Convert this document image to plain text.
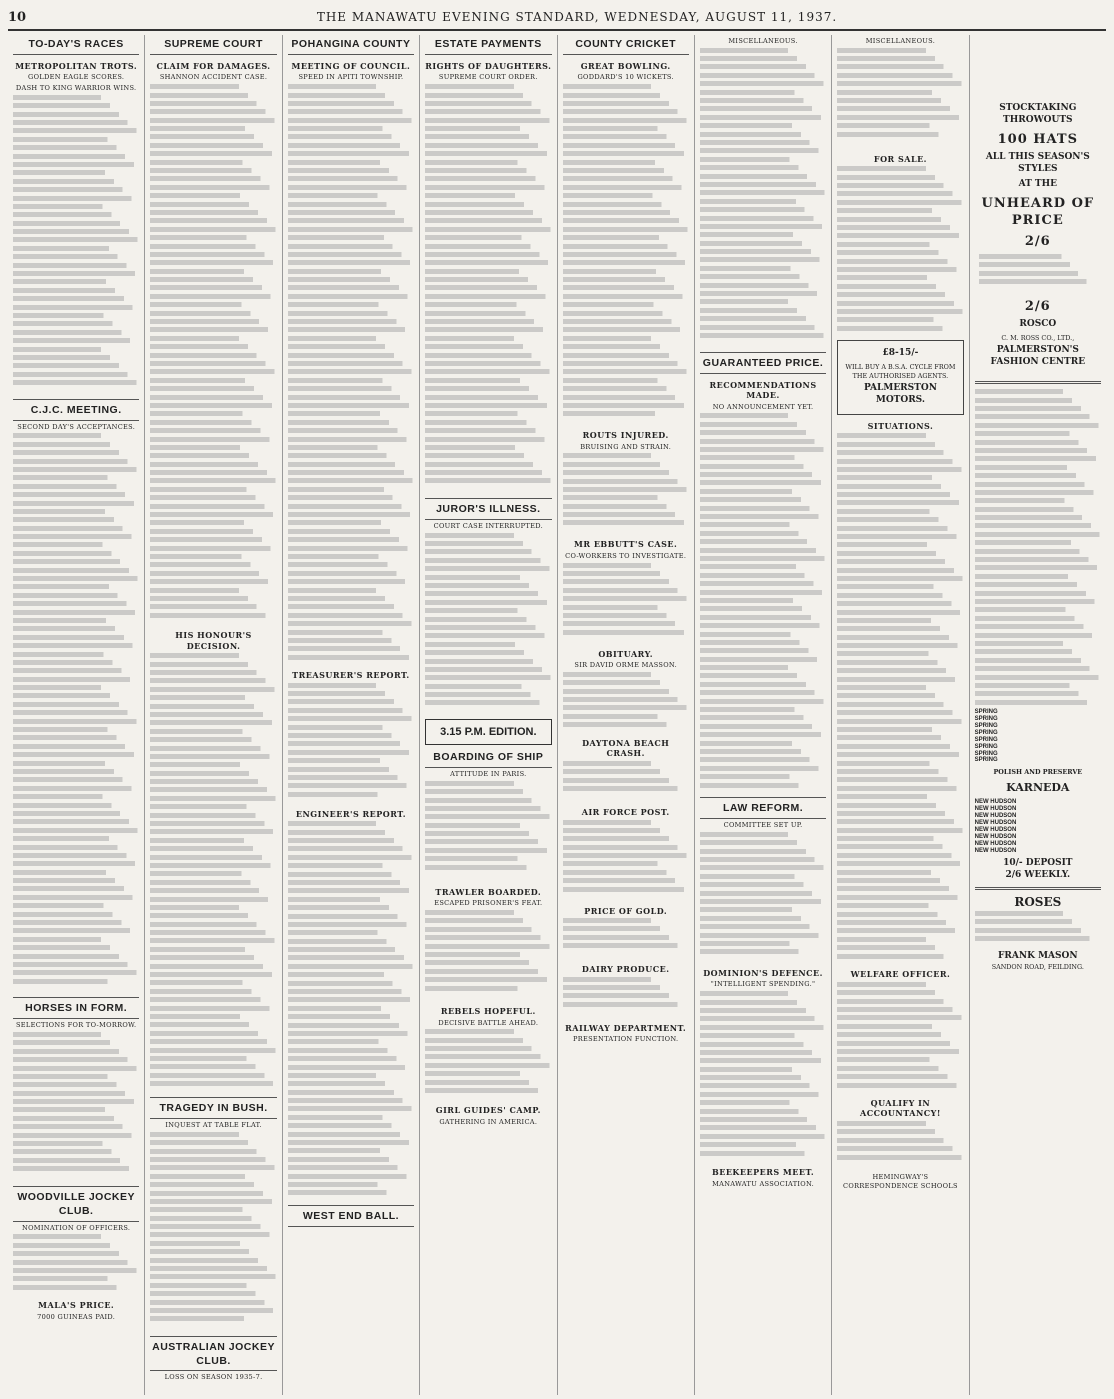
10	THE MANAWATU EVENING STANDARD, WEDNESDAY, AUGUST 11, 1937.
TO-DAY'S RACES
METROPOLITAN TROTS.
GOLDEN EAGLE SCORES.
DASH TO KING WARRIOR WINS.
C.J.C. MEETING.
SECOND DAY'S ACCEPTANCES.
HORSES IN FORM.
SELECTIONS FOR TO-MORROW.
WOODVILLE JOCKEY CLUB.
NOMINATION OF OFFICERS.
MALA'S PRICE.
7000 GUINEAS PAID.
SUPREME COURT
CLAIM FOR DAMAGES.
SHANNON ACCIDENT CASE.
HIS HONOUR'S DECISION.
TRAGEDY IN BUSH.
INQUEST AT TABLE FLAT.
AUSTRALIAN JOCKEY CLUB.
LOSS ON SEASON 1935-7.
POHANGINA COUNTY
MEETING OF COUNCIL.
SPEED IN APITI TOWNSHIP.
TREASURER'S REPORT.
ENGINEER'S REPORT.
WEST END BALL.
ESTATE PAYMENTS
RIGHTS OF DAUGHTERS.
SUPREME COURT ORDER.
JUROR'S ILLNESS.
COURT CASE INTERRUPTED.
3.15 P.M. EDITION.
BOARDING OF SHIP
ATTITUDE IN PARIS.
TRAWLER BOARDED.
ESCAPED PRISONER'S FEAT.
REBELS HOPEFUL.
DECISIVE BATTLE AHEAD.
GIRL GUIDES' CAMP.
GATHERING IN AMERICA.
COUNTY CRICKET
GREAT BOWLING.
GODDARD'S 10 WICKETS.
ROUTS INJURED.
BRUISING AND STRAIN.
MR EBBUTT'S CASE.
CO-WORKERS TO INVESTIGATE.
OBITUARY.
SIR DAVID ORME MASSON.
DAYTONA BEACH CRASH.
AIR FORCE POST.
PRICE OF GOLD.
DAIRY PRODUCE.
RAILWAY DEPARTMENT.
PRESENTATION FUNCTION.
MISCELLANEOUS.
GUARANTEED PRICE.
RECOMMENDATIONS MADE.
NO ANNOUNCEMENT YET.
LAW REFORM.
COMMITTEE SET UP.
DOMINION'S DEFENCE.
"INTELLIGENT SPENDING."
BEEKEEPERS MEET.
MANAWATU ASSOCIATION.
MISCELLANEOUS.
FOR SALE.
£8-15/-
WILL BUY A B.S.A. CYCLE FROM THE AUTHORISED AGENTS.
PALMERSTON MOTORS.
SITUATIONS.
WELFARE OFFICER.
QUALIFY IN ACCOUNTANCY!
HEMINGWAY'S CORRESPONDENCE SCHOOLS
STOCKTAKING THROWOUTS
100 HATS
ALL THIS SEASON'S STYLES
AT THE
UNHEARD OF PRICE
2/6
2/6
ROSCO
C. M. ROSS CO., LTD.,
PALMERSTON'S FASHION CENTRE
SPRING
SPRING
SPRING
SPRING
SPRING
SPRING
SPRING
SPRING
POLISH AND PRESERVE
KARNEDA
NEW HUDSON
NEW HUDSON
NEW HUDSON
NEW HUDSON
NEW HUDSON
NEW HUDSON
NEW HUDSON
NEW HUDSON
10/- DEPOSIT
2/6 WEEKLY.
ROSES
FRANK MASON
SANDON ROAD, FEILDING.
